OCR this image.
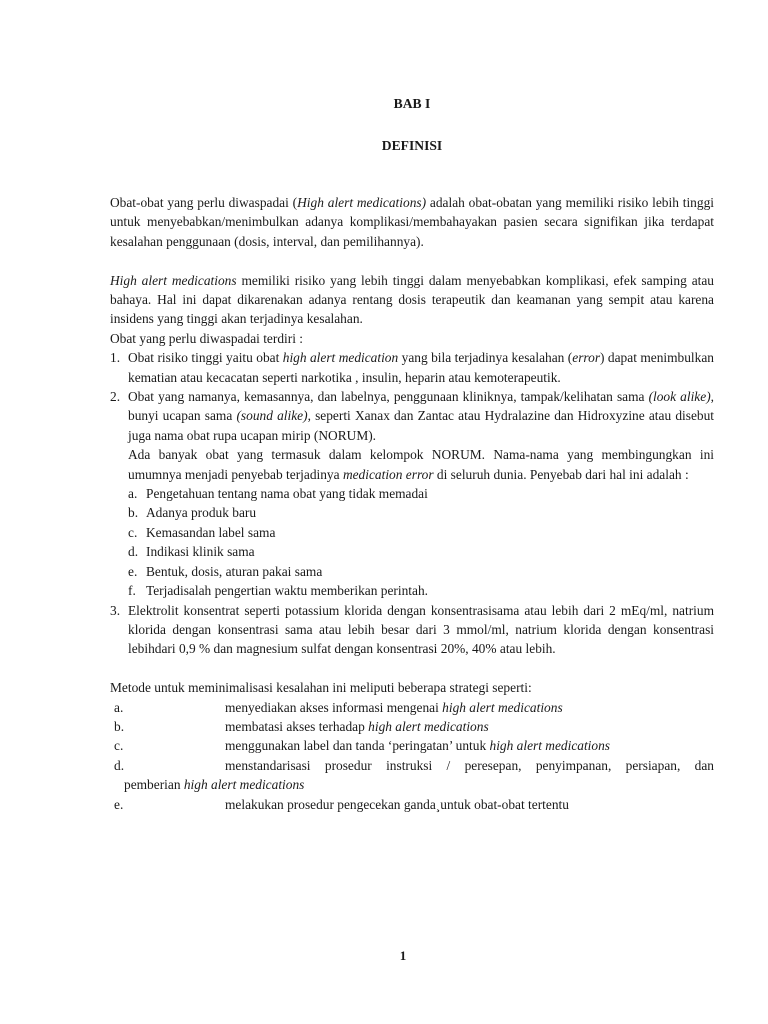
BAB I
DEFINISI

Obat-obat yang perlu diwaspadai (High alert medications) adalah obat-obatan yang memiliki risiko lebih tinggi untuk menyebabkan/menimbulkan adanya komplikasi/membahayakan pasien secara signifikan jika terdapat kesalahan penggunaan (dosis, interval, dan pemilihannya).

High alert medications memiliki risiko yang lebih tinggi dalam menyebabkan komplikasi, efek samping atau bahaya. Hal ini dapat dikarenakan adanya rentang dosis terapeutik dan keamanan yang sempit atau karena insidens yang tinggi akan terjadinya kesalahan.

Obat yang perlu diwaspadai terdiri :

1. Obat risiko tinggi yaitu obat high alert medication yang bila terjadinya kesalahan (error) dapat menimbulkan kematian atau kecacatan seperti narkotika , insulin, heparin atau kemoterapeutik.
2. Obat yang namanya, kemasannya, dan labelnya, penggunaan kliniknya, tampak/kelihatan sama (look alike), bunyi ucapan sama (sound alike), seperti Xanax dan Zantac atau Hydralazine dan Hidroxyzine atau disebut juga nama obat rupa ucapan mirip (NORUM).
Ada banyak obat yang termasuk dalam kelompok NORUM. Nama-nama yang membingungkan ini umumnya menjadi penyebab terjadinya medication error di seluruh dunia. Penyebab dari hal ini adalah :
a. Pengetahuan tentang nama obat yang tidak memadai
b. Adanya produk baru
c. Kemasandan label sama
d. Indikasi klinik sama
e. Bentuk, dosis, aturan pakai sama
f. Terjadisalah pengertian waktu memberikan perintah.
3. Elektrolit konsentrat seperti potassium klorida dengan konsentrasisama atau lebih dari 2 mEq/ml, natrium klorida dengan konsentrasi sama atau lebih besar dari 3 mmol/ml, natrium klorida dengan konsentrasi lebihdari 0,9 % dan magnesium sulfat dengan konsentrasi 20%, 40% atau lebih.

Metode untuk meminimalisasi kesalahan ini meliputi beberapa strategi seperti:

a.	menyediakan akses informasi mengenai high alert medications
b.	membatasi akses terhadap high alert medications
c.	menggunakan label dan tanda ‘peringatan’ untuk high alert medications
d.	menstandarisasi prosedur instruksi / peresepan, penyimpanan, persiapan, dan
pemberian high alert medications
e.	melakukan prosedur pengecekan ganda¸untuk obat-obat tertentu
1
